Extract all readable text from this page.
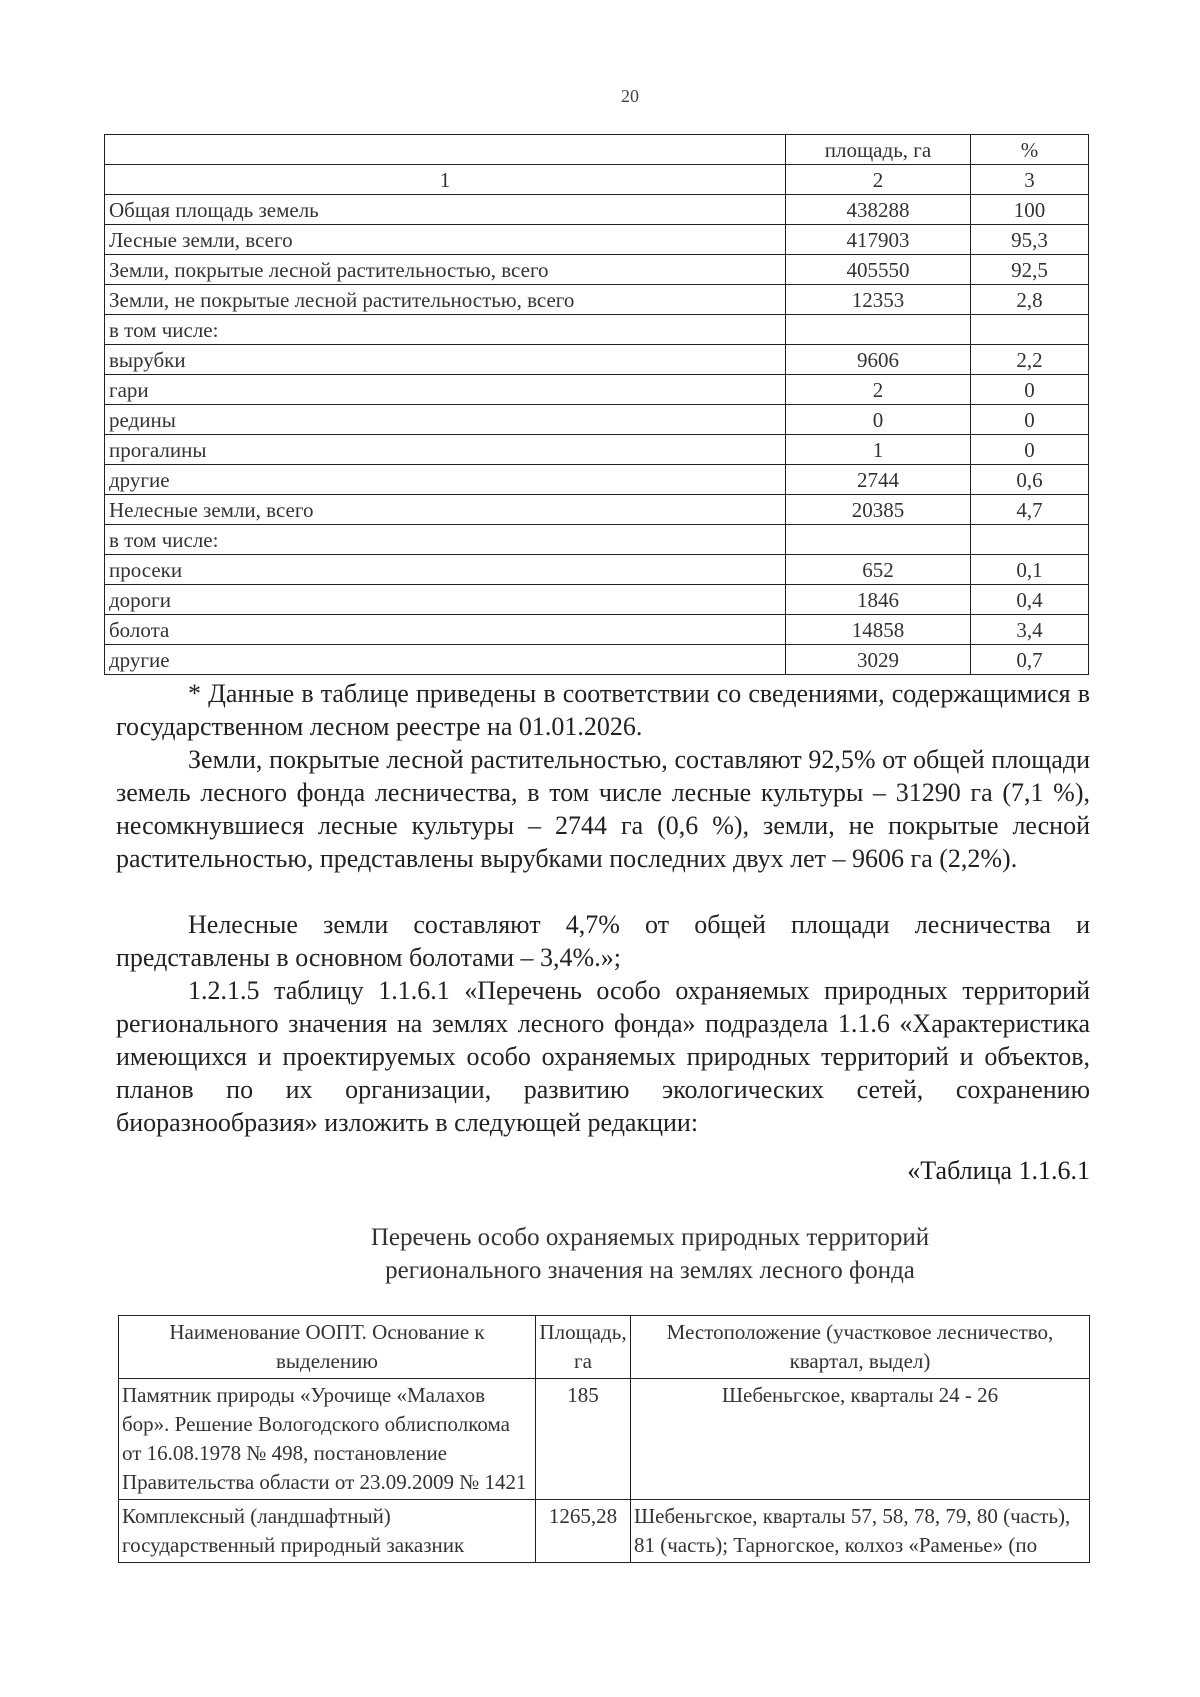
20
	площадь, га	%
1	2	3
Общая площадь земель	438288	100
Лесные земли, всего	417903	95,3
Земли, покрытые лесной растительностью, всего	405550	92,5
Земли, не покрытые лесной растительностью, всего	12353	2,8
в том числе:		
вырубки	9606	2,2
гари	2	0
редины	0	0
прогалины	1	0
другие	2744	0,6
Нелесные земли, всего	20385	4,7
в том числе:		
просеки	652	0,1
дороги	1846	0,4
болота	14858	3,4
другие	3029	0,7
* Данные в таблице приведены в соответствии со сведениями, содержащимися в государственном лесном реестре на 01.01.2026.
Земли, покрытые лесной растительностью, составляют 92,5% от общей площади земель лесного фонда лесничества, в том числе лесные культуры – 31290 га (7,1 %), несомкнувшиеся лесные культуры – 2744 га (0,6 %), земли, не покрытые лесной растительностью, представлены вырубками последних двух лет – 9606 га (2,2%).
Нелесные земли составляют 4,7% от общей площади лесничества и представлены в основном болотами – 3,4%.»;
1.2.1.5 таблицу 1.1.6.1 «Перечень особо охраняемых природных территорий регионального значения на землях лесного фонда» подраздела 1.1.6 «Характеристика имеющихся и проектируемых особо охраняемых природных территорий и объектов, планов по их организации, развитию экологических сетей, сохранению биоразнообразия» изложить в следующей редакции:
«Таблица 1.1.6.1
Перечень особо охраняемых природных территорий
регионального значения на землях лесного фонда
Наименование ООПТ. Основание к выделению	Площадь, га	Местоположение (участковое лесничество, квартал, выдел)
Памятник природы «Урочище «Малахов бор». Решение Вологодского облисполкома от 16.08.1978 № 498, постановление Правительства области от 23.09.2009 № 1421	185	Шебеньгское, кварталы 24 - 26
Комплексный (ландшафтный) государственный природный заказник	1265,28	Шебеньгское, кварталы 57, 58, 78, 79, 80 (часть), 81 (часть); Тарногское, колхоз «Раменье» (по
